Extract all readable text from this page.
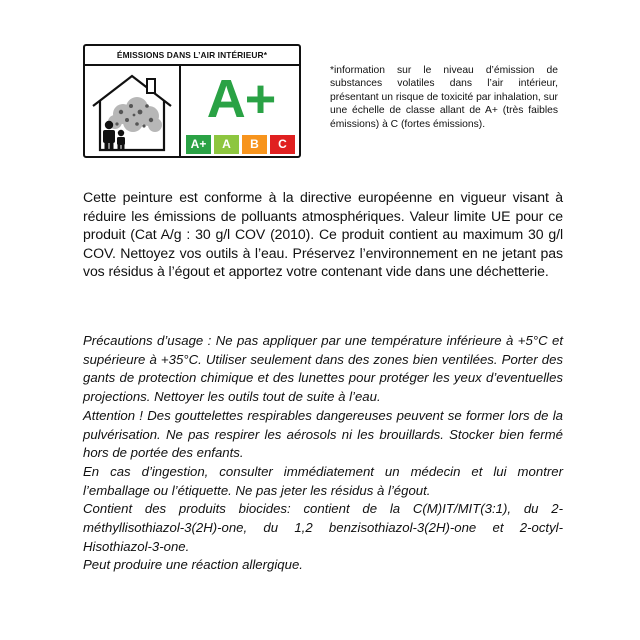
ÉMISSIONS DANS L’AIR INTÉRIEUR*
A+
A+	A	B	C

*information sur le niveau d’émission de substances volatiles dans l’air intérieur, présentant un risque de toxicité par inhalation, sur une échelle de classe allant de A+ (très faibles émissions) à C (fortes émissions).

Cette peinture est conforme à la directive européenne en vigueur visant à réduire les émissions de polluants atmosphériques. Valeur limite UE pour ce produit (Cat A/g : 30 g/l COV (2010). Ce produit contient au maximum 30 g/l COV. Nettoyez vos outils à l’eau. Préservez l’environnement en ne jetant pas vos résidus à l’égout et apportez votre contenant vide dans une déchetterie.

Précautions d’usage : Ne pas appliquer par une température inférieure à +5°C et supérieure à +35°C. Utiliser seulement dans des zones bien ventilées. Porter des gants de protection chimique et des lunettes pour protéger les yeux d’eventuelles projections. Nettoyer les outils tout de suite à l’eau.

Attention ! Des gouttelettes respirables dangereuses peuvent se former lors de la pulvérisation. Ne pas respirer les aérosols ni les brouillards. Stocker bien fermé hors de portée des enfants.

En cas d’ingestion, consulter immédiatement un médecin et lui montrer l’emballage ou l’étiquette. Ne pas jeter les résidus à l’égout.

Contient des produits biocides: contient de la C(M)IT/MIT(3:1), du 2-méthyllisothiazol-3(2H)-one, du 1,2 benzisothiazol-3(2H)-one et 2-octyl-Hisothiazol-3-one.

Peut produire une réaction allergique.
